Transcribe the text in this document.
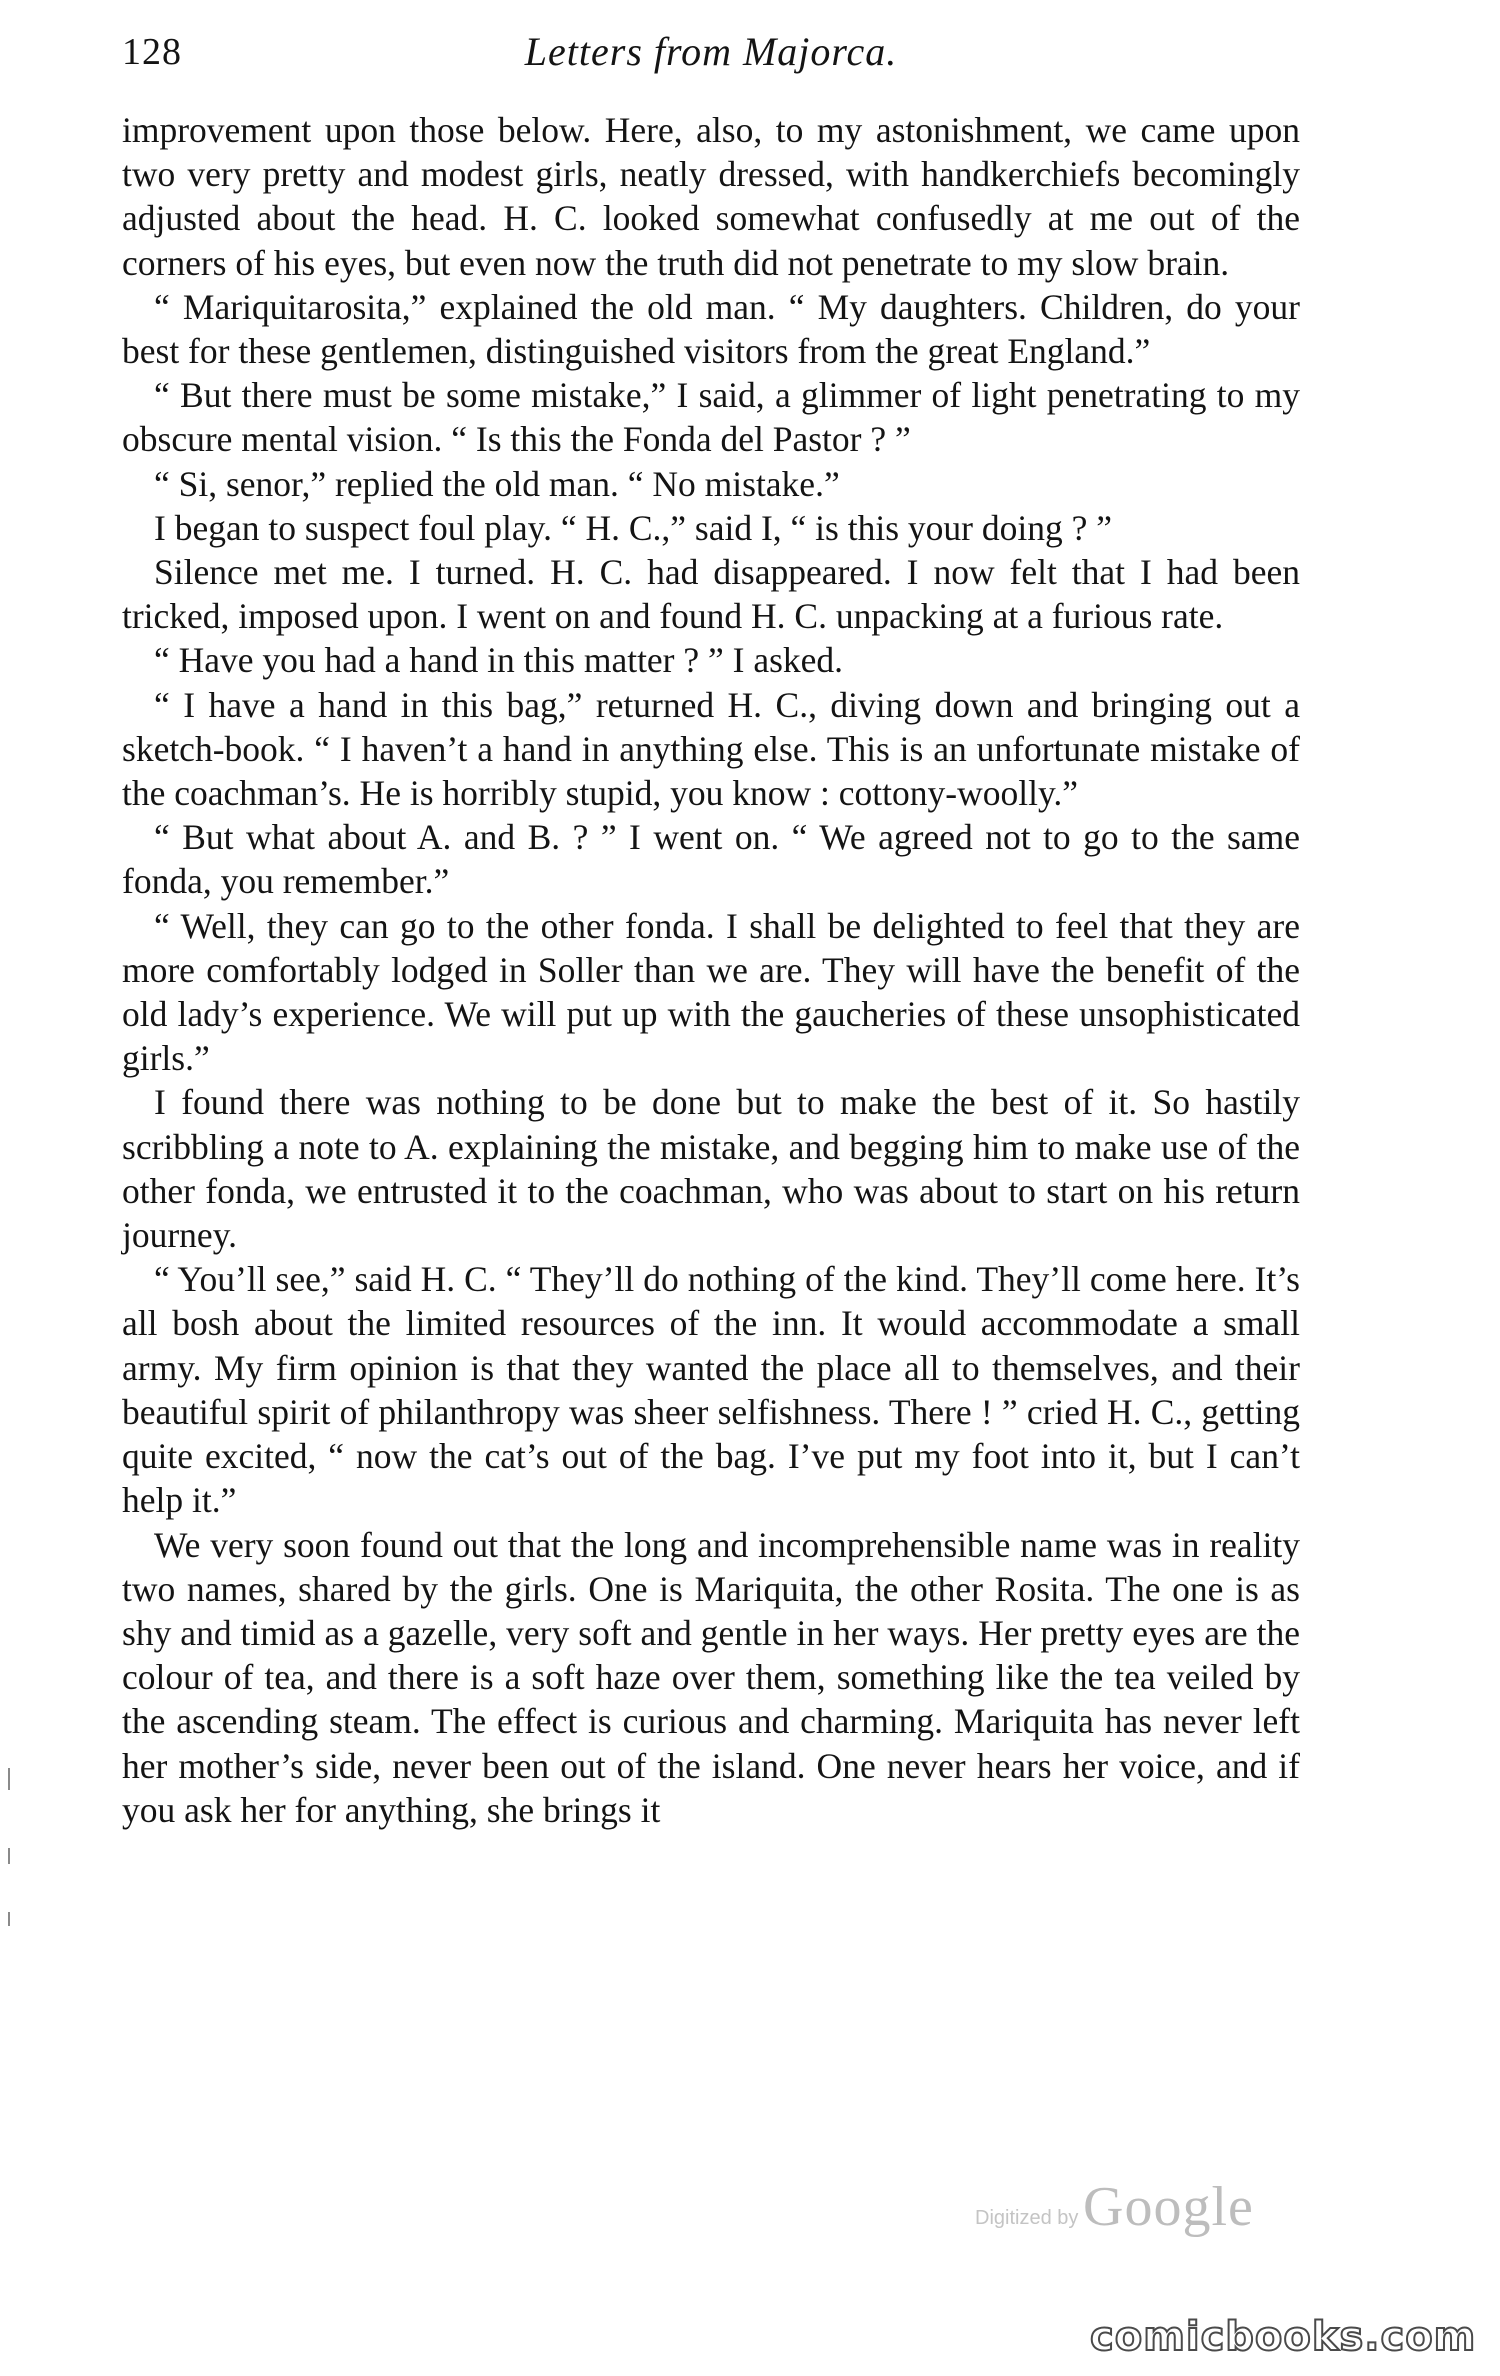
128	Letters from Majorca.

improvement upon those below. Here, also, to my astonishment, we came upon two very pretty and modest girls, neatly dressed, with handkerchiefs becomingly adjusted about the head. H. C. looked somewhat confusedly at me out of the corners of his eyes, but even now the truth did not penetrate to my slow brain.

“ Mariquitarosita,” explained the old man. “ My daughters. Children, do your best for these gentlemen, distinguished visitors from the great England.”

“ But there must be some mistake,” I said, a glimmer of light penetrating to my obscure mental vision. “ Is this the Fonda del Pastor ? ”

“ Si, senor,” replied the old man. “ No mistake.”

I began to suspect foul play. “ H. C.,” said I, “ is this your doing ? ”

Silence met me. I turned. H. C. had disappeared. I now felt that I had been tricked, imposed upon. I went on and found H. C. unpacking at a furious rate.

“ Have you had a hand in this matter ? ” I asked.

“ I have a hand in this bag,” returned H. C., diving down and bringing out a sketch-book. “ I haven’t a hand in anything else. This is an unfortunate mistake of the coachman’s. He is horribly stupid, you know : cottony-woolly.”

“ But what about A. and B. ? ” I went on. “ We agreed not to go to the same fonda, you remember.”

“ Well, they can go to the other fonda. I shall be delighted to feel that they are more comfortably lodged in Soller than we are. They will have the benefit of the old lady’s experience. We will put up with the gaucheries of these unsophisticated girls.”

I found there was nothing to be done but to make the best of it. So hastily scribbling a note to A. explaining the mistake, and begging him to make use of the other fonda, we entrusted it to the coachman, who was about to start on his return journey.

“ You’ll see,” said H. C. “ They’ll do nothing of the kind. They’ll come here. It’s all bosh about the limited resources of the inn. It would accommodate a small army. My firm opinion is that they wanted the place all to themselves, and their beautiful spirit of philanthropy was sheer selfishness. There ! ” cried H. C., getting quite excited, “ now the cat’s out of the bag. I’ve put my foot into it, but I can’t help it.”

We very soon found out that the long and incomprehensible name was in reality two names, shared by the girls. One is Mariquita, the other Rosita. The one is as shy and timid as a gazelle, very soft and gentle in her ways. Her pretty eyes are the colour of tea, and there is a soft haze over them, something like the tea veiled by the ascending steam. The effect is curious and charming. Mariquita has never left her mother’s side, never been out of the island. One never hears her voice, and if you ask her for anything, she brings it

Digitized by Google
comicbooks.com
